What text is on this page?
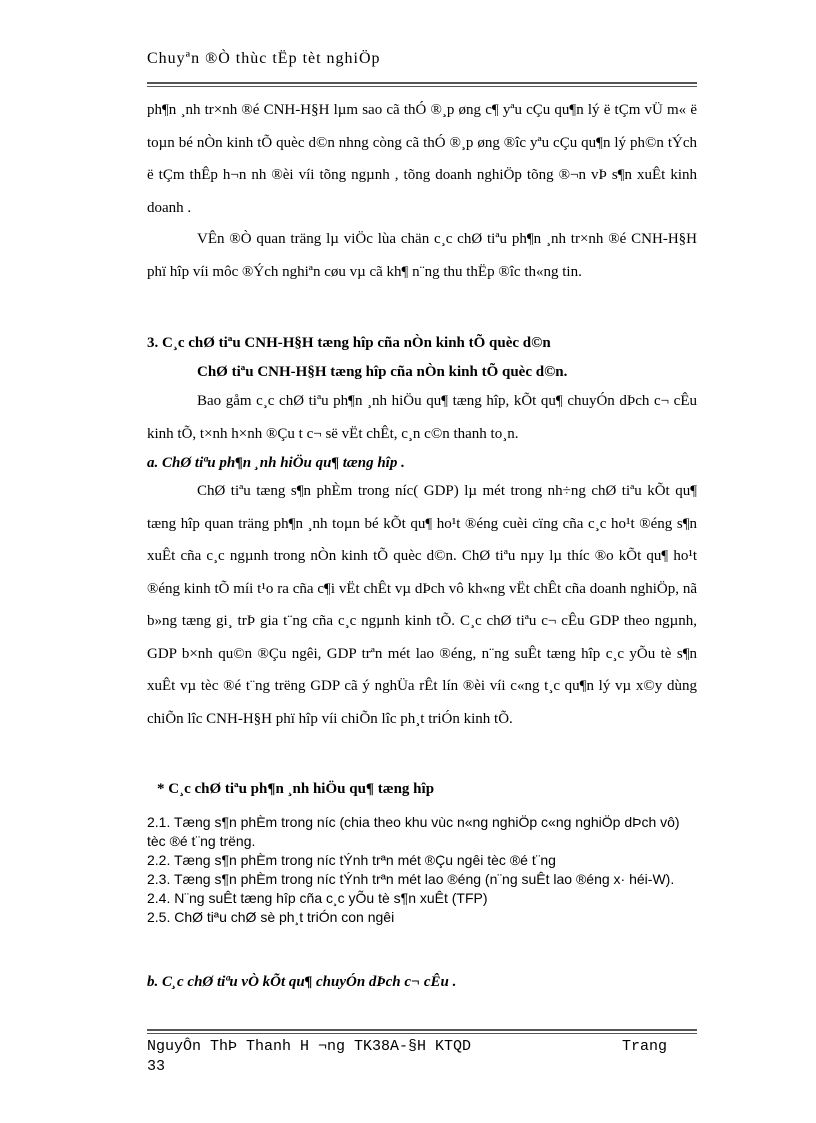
Chuyªn ®Ò thùc tËp tèt nghiÖp

ph¶n ¸nh tr×nh ®é CNH-H§H lµm sao cã thÓ ®¸p øng c¶ yªu cÇu qu¶n lý ë tÇm vÜ m« ë toµn bé nÒn kinh tÕ quèc d©n nhng còng cã thÓ ®¸p øng ®îc yªu cÇu qu¶n lý ph©n tÝch ë tÇm thÊp h¬n nh ®èi víi tõng ngµnh , tõng doanh nghiÖp tõng ®¬n vÞ s¶n xuÊt kinh doanh .

VÊn ®Ò quan träng lµ viÖc lùa chän c¸c chØ tiªu ph¶n ¸nh tr×nh ®é CNH-H§H phï hîp víi môc ®Ých nghiªn cøu vµ cã kh¶ n¨ng thu thËp ®îc th«ng tin.

3. C¸c chØ tiªu CNH-H§H tæng hîp cña nÒn kinh tÕ quèc d©n
ChØ tiªu CNH-H§H tæng hîp cña nÒn kinh tÕ quèc d©n.

Bao gåm c¸c chØ tiªu ph¶n ¸nh hiÖu qu¶ tæng hîp, kÕt qu¶ chuyÓn dÞch c¬ cÊu kinh tÕ, t×nh h×nh ®Çu t c¬ së vËt chÊt, c¸n c©n thanh to¸n.

a. ChØ tiªu ph¶n ¸nh hiÖu qu¶ tæng hîp .

ChØ tiªu tæng s¶n phÈm trong níc( GDP) lµ mét trong nh÷ng chØ tiªu kÕt qu¶ tæng hîp quan träng ph¶n ¸nh toµn bé kÕt qu¶ ho¹t ®éng cuèi cïng cña c¸c ho¹t ®éng s¶n xuÊt cña c¸c ngµnh trong nÒn kinh tÕ quèc d©n. ChØ tiªu nµy lµ thíc ®o kÕt qu¶ ho¹t ®éng kinh tÕ míi t¹o ra cña c¶i vËt chÊt vµ dÞch vô kh«ng vËt chÊt cña doanh nghiÖp, nã b»ng tæng gi¸ trÞ gia t¨ng cña c¸c ngµnh kinh tÕ. C¸c chØ tiªu c¬ cÊu GDP theo ngµnh, GDP b×nh qu©n ®Çu ngêi, GDP trªn mét lao ®éng, n¨ng suÊt tæng hîp c¸c yÕu tè s¶n xuÊt vµ tèc ®é t¨ng trëng GDP cã ý nghÜa rÊt lín ®èi víi c«ng t¸c qu¶n lý vµ x©y dùng chiÕn lîc CNH-H§H phï hîp víi chiÕn lîc ph¸t triÓn kinh tÕ.

* C¸c chØ tiªu ph¶n ¸nh hiÖu qu¶ tæng hîp
2.1. Tæng s¶n phÈm trong níc (chia theo khu vùc n«ng nghiÖp c«ng nghiÖp dÞch vô) tèc ®é t¨ng trëng.
2.2. Tæng s¶n phÈm trong níc tÝnh trªn mét ®Çu ngêi tèc ®é t¨ng
2.3. Tæng s¶n phÈm trong níc tÝnh trªn mét lao ®éng (n¨ng suÊt lao ®éng x· héi-W).
2.4. N¨ng suÊt tæng hîp cña c¸c yÕu tè s¶n xuÊt (TFP)
2.5. ChØ tiªu chØ sè ph¸t triÓn con ngêi
b. C¸c chØ tiªu vÒ kÕt qu¶ chuyÓn dÞch c¬ cÊu .
NguyÔn ThÞ Thanh H ¬ng TK38A-§H KTQD	Trang
33
